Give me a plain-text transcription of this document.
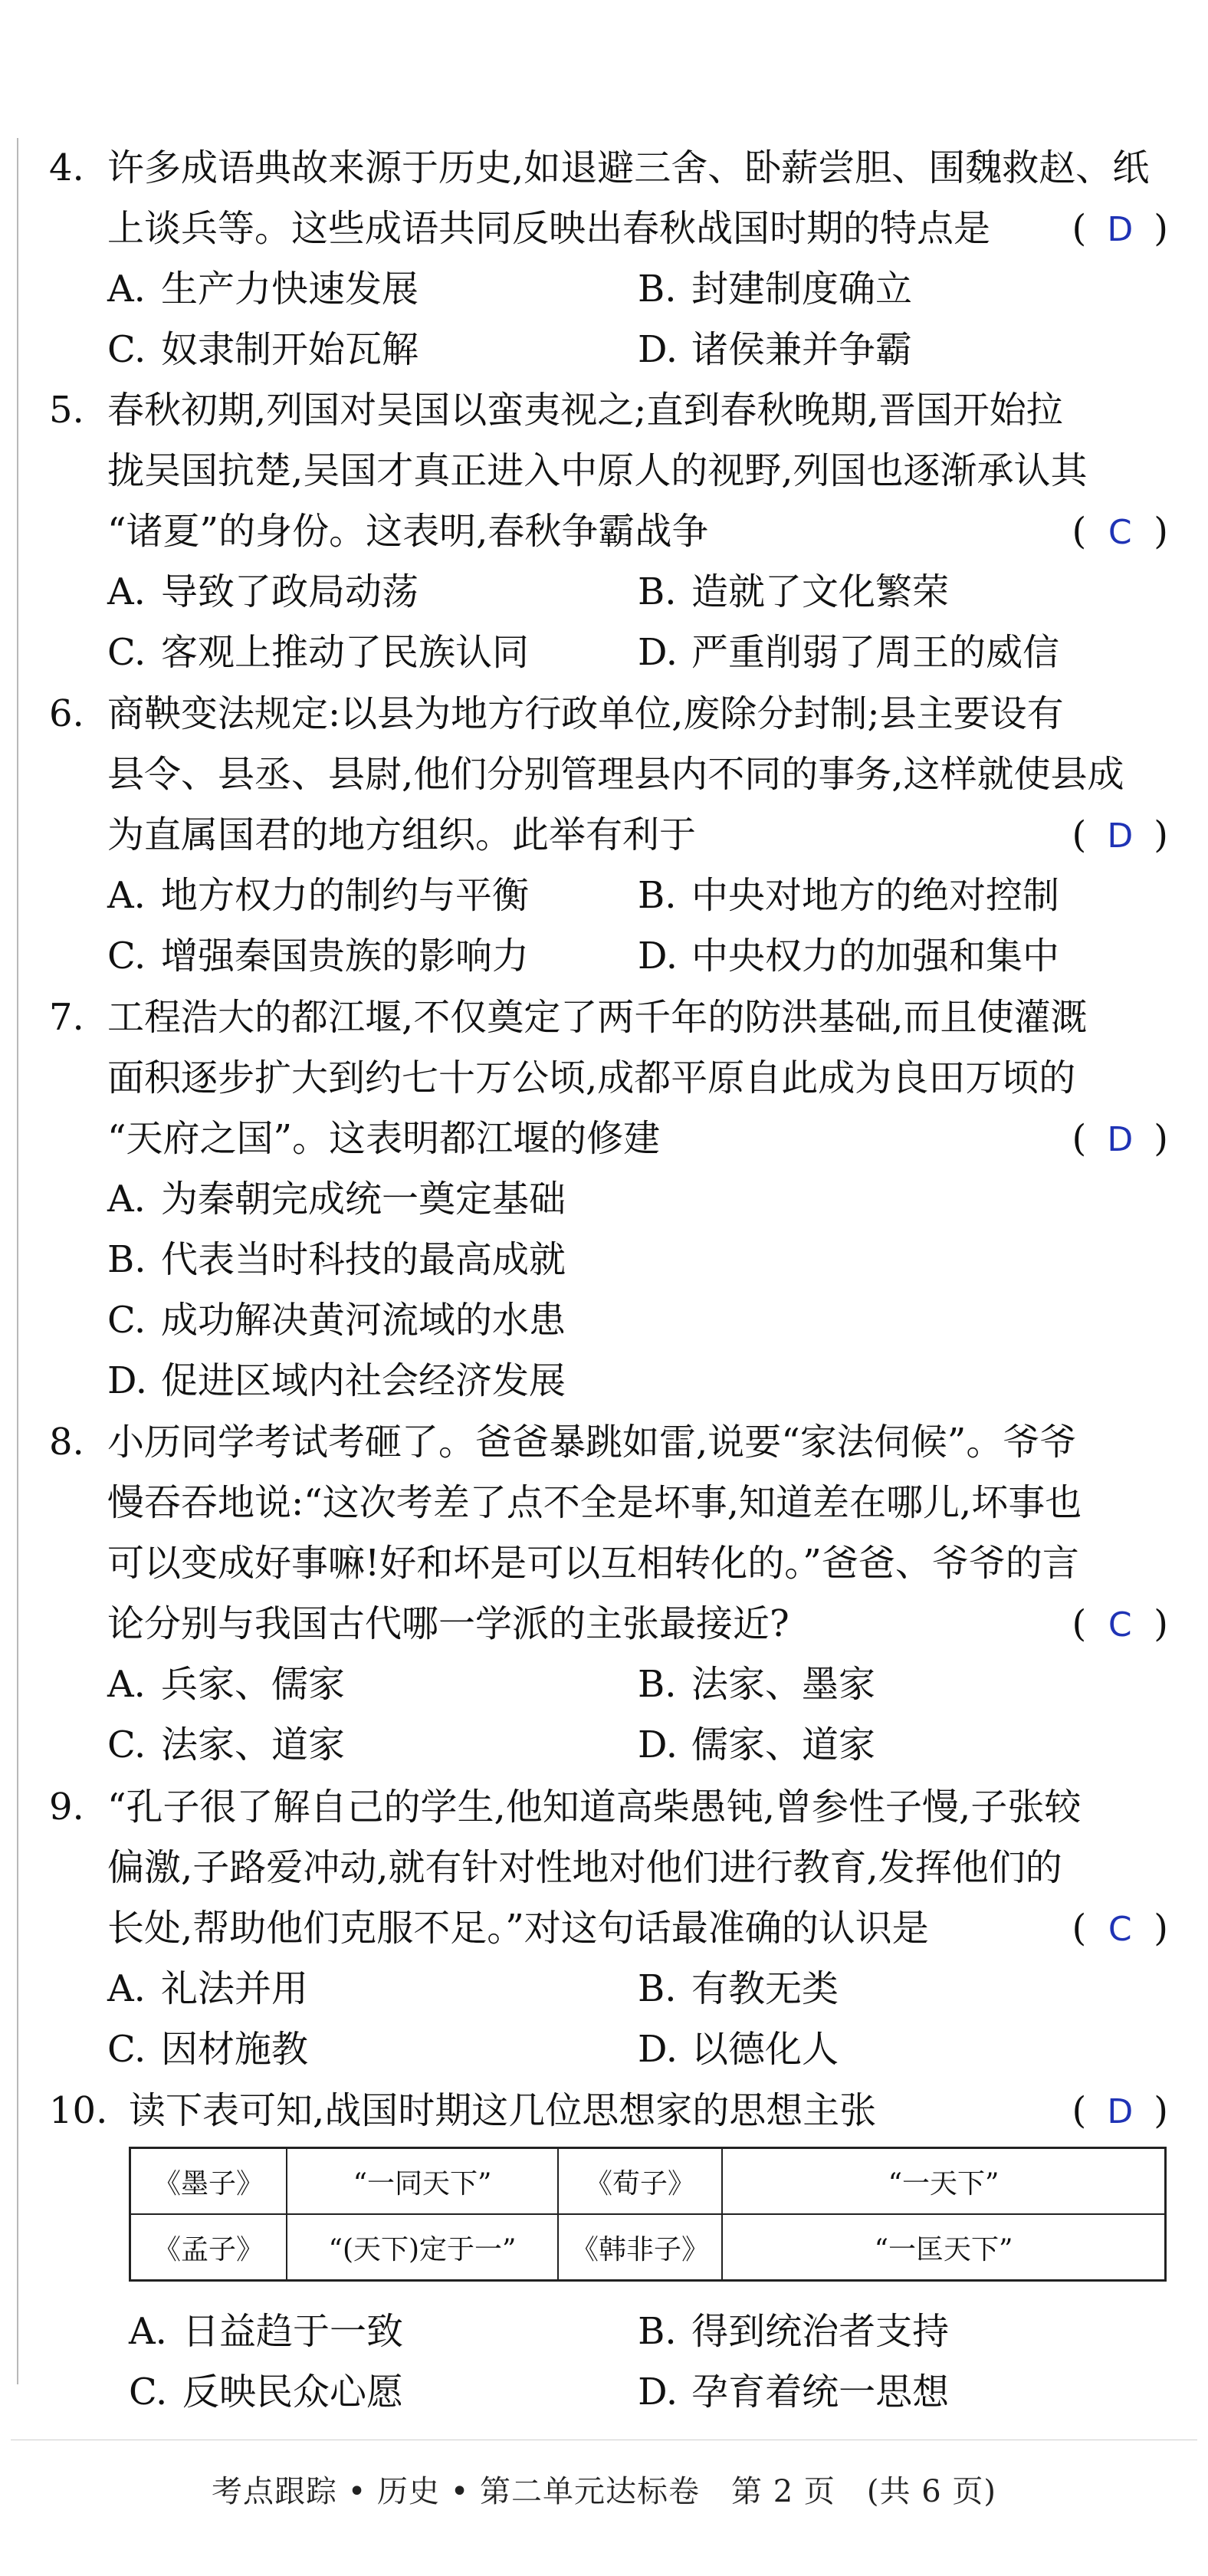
4. 许多成语典故来源于历史,如退避三舍、卧薪尝胆、围魏救赵、纸
上谈兵等。这些成语共同反映出春秋战国时期的特点是 ( D )
A. 生产力快速发展	B. 封建制度确立
C. 奴隶制开始瓦解	D. 诸侯兼并争霸
5. 春秋初期,列国对吴国以蛮夷视之;直到春秋晚期,晋国开始拉
拢吴国抗楚,吴国才真正进入中原人的视野,列国也逐渐承认其
“诸夏”的身份。这表明,春秋争霸战争	( C )
A. 导致了政局动荡	B. 造就了文化繁荣
C. 客观上推动了民族认同	D. 严重削弱了周王的威信
6. 商鞅变法规定:以县为地方行政单位,废除分封制;县主要设有
县令、县丞、县尉,他们分别管理县内不同的事务,这样就使县成
为直属国君的地方组织。此举有利于	( D )
A. 地方权力的制约与平衡	B. 中央对地方的绝对控制
C. 增强秦国贵族的影响力	D. 中央权力的加强和集中
7. 工程浩大的都江堰,不仅奠定了两千年的防洪基础,而且使灌溉
面积逐步扩大到约七十万公顷,成都平原自此成为良田万顷的
“天府之国”。这表明都江堰的修建	( D )
A. 为秦朝完成统一奠定基础
B. 代表当时科技的最高成就
C. 成功解决黄河流域的水患
D. 促进区域内社会经济发展
8. 小历同学考试考砸了。爸爸暴跳如雷,说要“家法伺候”。爷爷
慢吞吞地说:“这次考差了点不全是坏事,知道差在哪儿,坏事也
可以变成好事嘛!好和坏是可以互相转化的。”爸爸、爷爷的言
论分别与我国古代哪一学派的主张最接近?	( C )
A. 兵家、儒家	B. 法家、墨家
C. 法家、道家	D. 儒家、道家
9. “孔子很了解自己的学生,他知道高柴愚钝,曾参性子慢,子张较
偏激,子路爱冲动,就有针对性地对他们进行教育,发挥他们的
长处,帮助他们克服不足。”对这句话最准确的认识是	( C )
A. 礼法并用	B. 有教无类
C. 因材施教	D. 以德化人
10. 读下表可知,战国时期这几位思想家的思想主张	( D )
《墨子》	“一同天下”	《荀子》	“一天下”
《孟子》	“(天下)定于一”	《韩非子》	“一匡天下”
A. 日益趋于一致	B. 得到统治者支持
C. 反映民众心愿	D. 孕育着统一思想
考点跟踪 • 历史 • 第二单元达标卷　第 2 页　(共 6 页)
